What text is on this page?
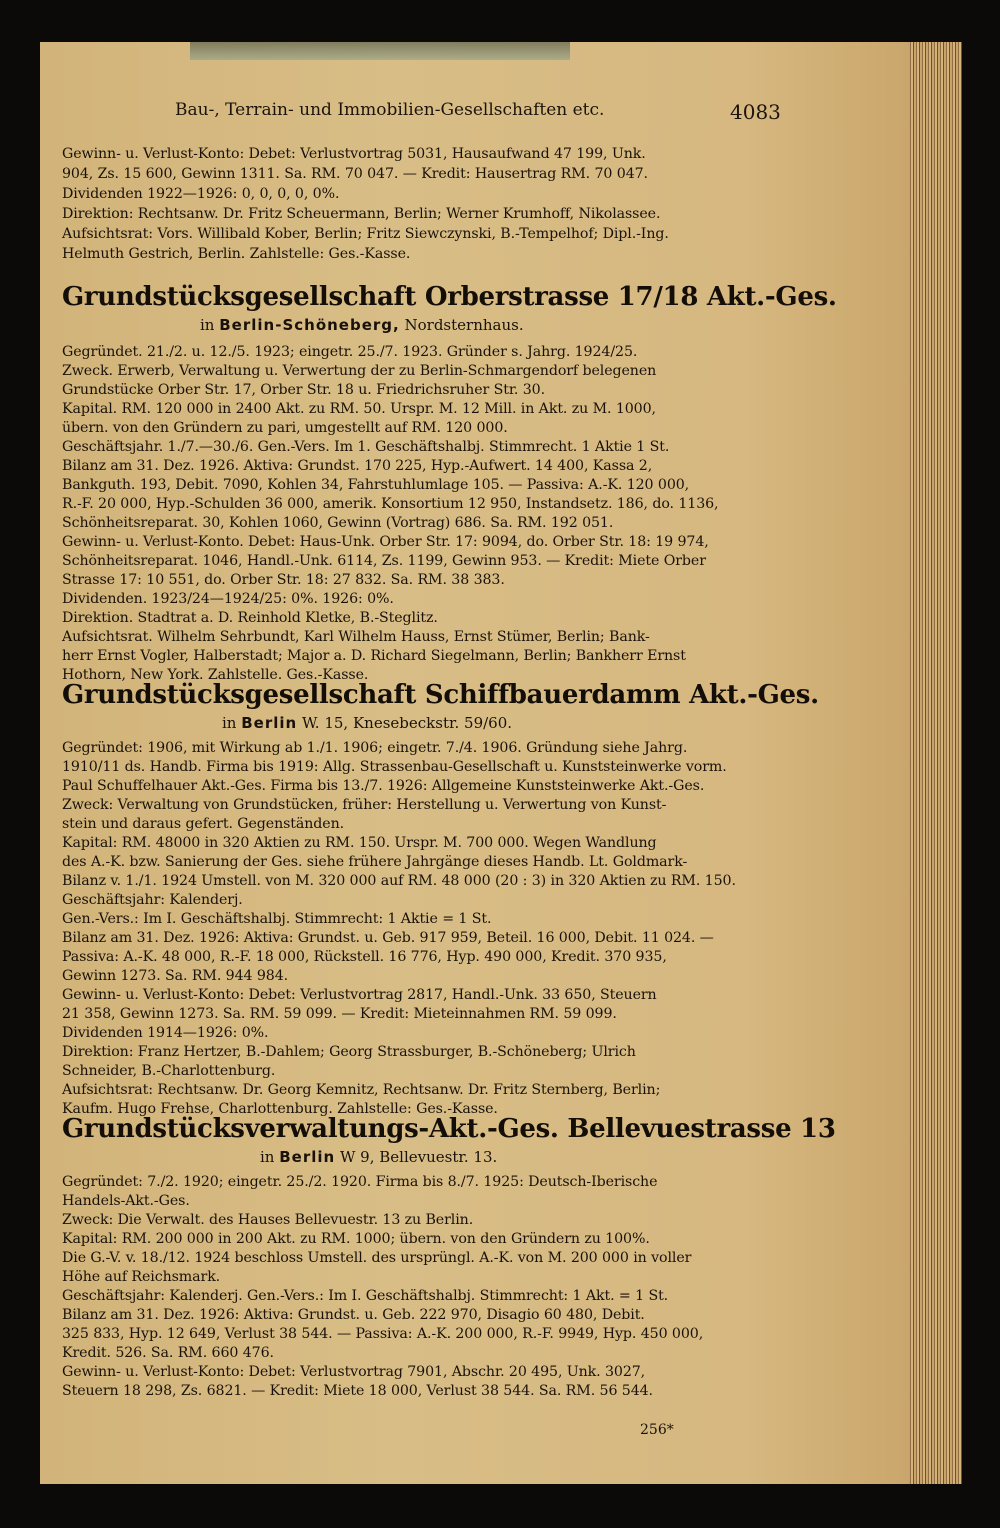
Bau-, Terrain- und Immobilien-Gesellschaften etc.	4083
Gewinn- u. Verlust-Konto: Debet: Verlustvortrag 5031, Hausaufwand 47 199, Unk.
904, Zs. 15 600, Gewinn 1311. Sa. RM. 70 047. — Kredit: Hausertrag RM. 70 047.
Dividenden 1922—1926: 0, 0, 0, 0, 0%.
Direktion: Rechtsanw. Dr. Fritz Scheuermann, Berlin; Werner Krumhoff, Nikolassee.
Aufsichtsrat: Vors. Willibald Kober, Berlin; Fritz Siewczynski, B.-Tempelhof; Dipl.-Ing.
Helmuth Gestrich, Berlin. Zahlstelle: Ges.-Kasse.
Grundstücksgesellschaft Orberstrasse 17/18 Akt.-Ges.
in Berlin-Schöneberg, Nordsternhaus.
Gegründet. 21./2. u. 12./5. 1923; eingetr. 25./7. 1923. Gründer s. Jahrg. 1924/25.
Zweck. Erwerb, Verwaltung u. Verwertung der zu Berlin-Schmargendorf belegenen
Grundstücke Orber Str. 17, Orber Str. 18 u. Friedrichsruher Str. 30.
Kapital. RM. 120 000 in 2400 Akt. zu RM. 50. Urspr. M. 12 Mill. in Akt. zu M. 1000,
übern. von den Gründern zu pari, umgestellt auf RM. 120 000.
Geschäftsjahr. 1./7.—30./6. Gen.-Vers. Im 1. Geschäftshalbj. Stimmrecht. 1 Aktie 1 St.
Bilanz am 31. Dez. 1926. Aktiva: Grundst. 170 225, Hyp.-Aufwert. 14 400, Kassa 2,
Bankguth. 193, Debit. 7090, Kohlen 34, Fahrstuhlumlage 105. — Passiva: A.-K. 120 000,
R.-F. 20 000, Hyp.-Schulden 36 000, amerik. Konsortium 12 950, Instandsetz. 186, do. 1136,
Schönheitsreparat. 30, Kohlen 1060, Gewinn (Vortrag) 686. Sa. RM. 192 051.
Gewinn- u. Verlust-Konto. Debet: Haus-Unk. Orber Str. 17: 9094, do. Orber Str. 18: 19 974,
Schönheitsreparat. 1046, Handl.-Unk. 6114, Zs. 1199, Gewinn 953. — Kredit: Miete Orber
Strasse 17: 10 551, do. Orber Str. 18: 27 832. Sa. RM. 38 383.
Dividenden. 1923/24—1924/25: 0%. 1926: 0%.
Direktion. Stadtrat a. D. Reinhold Kletke, B.-Steglitz.
Aufsichtsrat. Wilhelm Sehrbundt, Karl Wilhelm Hauss, Ernst Stümer, Berlin; Bank-
herr Ernst Vogler, Halberstadt; Major a. D. Richard Siegelmann, Berlin; Bankherr Ernst
Hothorn, New York. Zahlstelle. Ges.-Kasse.
Grundstücksgesellschaft Schiffbauerdamm Akt.-Ges.
in Berlin W. 15, Knesebeckstr. 59/60.
Gegründet: 1906, mit Wirkung ab 1./1. 1906; eingetr. 7./4. 1906. Gründung siehe Jahrg.
1910/11 ds. Handb. Firma bis 1919: Allg. Strassenbau-Gesellschaft u. Kunststeinwerke vorm.
Paul Schuffelhauer Akt.-Ges. Firma bis 13./7. 1926: Allgemeine Kunststeinwerke Akt.-Ges.
Zweck: Verwaltung von Grundstücken, früher: Herstellung u. Verwertung von Kunst-
stein und daraus gefert. Gegenständen.
Kapital: RM. 48000 in 320 Aktien zu RM. 150. Urspr. M. 700 000. Wegen Wandlung
des A.-K. bzw. Sanierung der Ges. siehe frühere Jahrgänge dieses Handb. Lt. Goldmark-
Bilanz v. 1./1. 1924 Umstell. von M. 320 000 auf RM. 48 000 (20 : 3) in 320 Aktien zu RM. 150.
Geschäftsjahr: Kalenderj.
Gen.-Vers.: Im I. Geschäftshalbj. Stimmrecht: 1 Aktie = 1 St.
Bilanz am 31. Dez. 1926: Aktiva: Grundst. u. Geb. 917 959, Beteil. 16 000, Debit. 11 024. —
Passiva: A.-K. 48 000, R.-F. 18 000, Rückstell. 16 776, Hyp. 490 000, Kredit. 370 935,
Gewinn 1273. Sa. RM. 944 984.
Gewinn- u. Verlust-Konto: Debet: Verlustvortrag 2817, Handl.-Unk. 33 650, Steuern
21 358, Gewinn 1273. Sa. RM. 59 099. — Kredit: Mieteinnahmen RM. 59 099.
Dividenden 1914—1926: 0%.
Direktion: Franz Hertzer, B.-Dahlem; Georg Strassburger, B.-Schöneberg; Ulrich
Schneider, B.-Charlottenburg.
Aufsichtsrat: Rechtsanw. Dr. Georg Kemnitz, Rechtsanw. Dr. Fritz Sternberg, Berlin;
Kaufm. Hugo Frehse, Charlottenburg. Zahlstelle: Ges.-Kasse.
Grundstücksverwaltungs-Akt.-Ges. Bellevuestrasse 13
in Berlin W 9, Bellevuestr. 13.
Gegründet: 7./2. 1920; eingetr. 25./2. 1920. Firma bis 8./7. 1925: Deutsch-Iberische
Handels-Akt.-Ges.
Zweck: Die Verwalt. des Hauses Bellevuestr. 13 zu Berlin.
Kapital: RM. 200 000 in 200 Akt. zu RM. 1000; übern. von den Gründern zu 100%.
Die G.-V. v. 18./12. 1924 beschloss Umstell. des ursprüngl. A.-K. von M. 200 000 in voller
Höhe auf Reichsmark.
Geschäftsjahr: Kalenderj. Gen.-Vers.: Im I. Geschäftshalbj. Stimmrecht: 1 Akt. = 1 St.
Bilanz am 31. Dez. 1926: Aktiva: Grundst. u. Geb. 222 970, Disagio 60 480, Debit.
325 833, Hyp. 12 649, Verlust 38 544. — Passiva: A.-K. 200 000, R.-F. 9949, Hyp. 450 000,
Kredit. 526. Sa. RM. 660 476.
Gewinn- u. Verlust-Konto: Debet: Verlustvortrag 7901, Abschr. 20 495, Unk. 3027,
Steuern 18 298, Zs. 6821. — Kredit: Miete 18 000, Verlust 38 544. Sa. RM. 56 544.
256*
